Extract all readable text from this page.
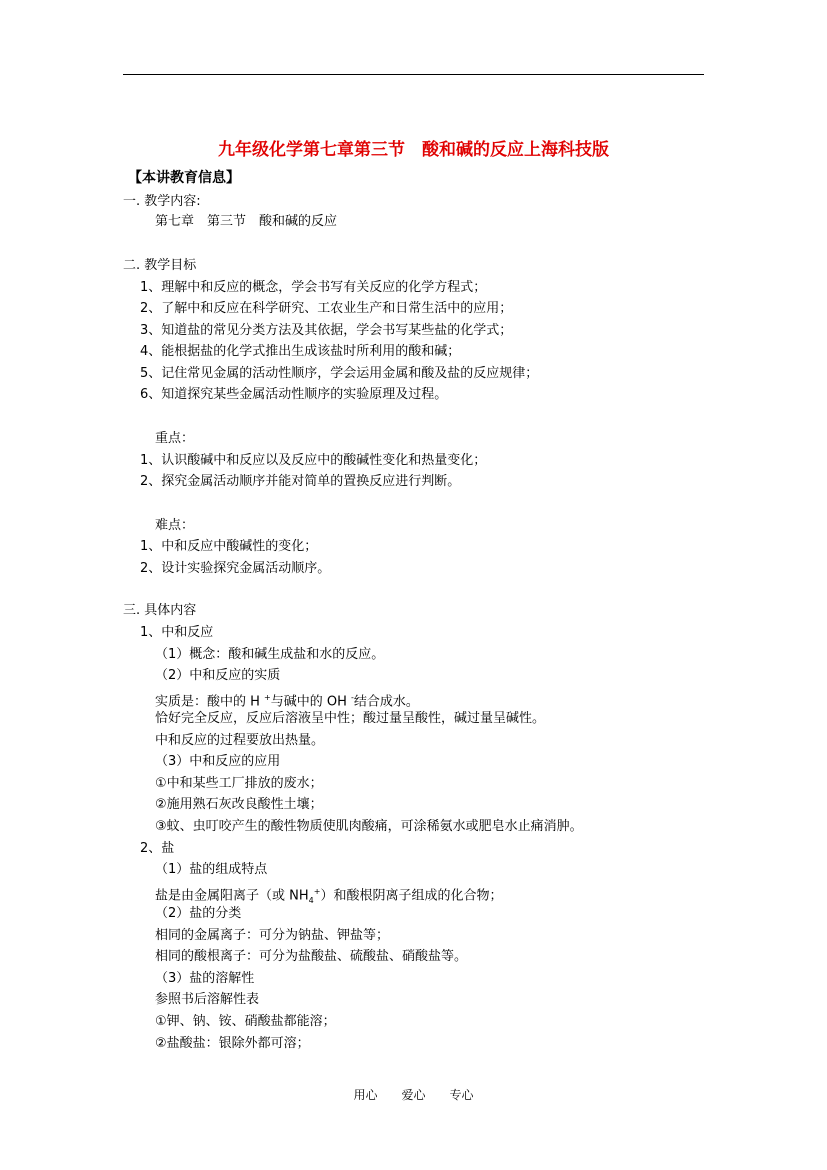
九年级化学第七章第三节　酸和碱的反应上海科技版
【本讲教育信息】
一. 教学内容:
第七章　第三节　酸和碱的反应
二. 教学目标
1、理解中和反应的概念，学会书写有关反应的化学方程式；
2、了解中和反应在科学研究、工农业生产和日常生活中的应用；
3、知道盐的常见分类方法及其依据，学会书写某些盐的化学式；
4、能根据盐的化学式推出生成该盐时所利用的酸和碱；
5、记住常见金属的活动性顺序，学会运用金属和酸及盐的反应规律；
6、知道探究某些金属活动性顺序的实验原理及过程。
重点：
1、认识酸碱中和反应以及反应中的酸碱性变化和热量变化；
2、探究金属活动顺序并能对简单的置换反应进行判断。
难点：
1、中和反应中酸碱性的变化；
2、设计实验探究金属活动顺序。
三. 具体内容
1、中和反应
（1）概念：酸和碱生成盐和水的反应。
（2）中和反应的实质
实质是：酸中的 H +与碱中的 OH -结合成水。
恰好完全反应，反应后溶液呈中性；酸过量呈酸性，碱过量呈碱性。
中和反应的过程要放出热量。
（3）中和反应的应用
①中和某些工厂排放的废水；
②施用熟石灰改良酸性土壤；
③蚊、虫叮咬产生的酸性物质使肌肉酸痛，可涂稀氨水或肥皂水止痛消肿。
2、盐
（1）盐的组成特点
盐是由金属阳离子（或 $NH_4^+$）和酸根阴离子组成的化合物；
（2）盐的分类
相同的金属离子：可分为钠盐、钾盐等；
相同的酸根离子：可分为盐酸盐、硫酸盐、硝酸盐等。
（3）盐的溶解性
参照书后溶解性表
①钾、钠、铵、硝酸盐都能溶；
②盐酸盐：银除外都可溶；
用心　　爱心　　专心
